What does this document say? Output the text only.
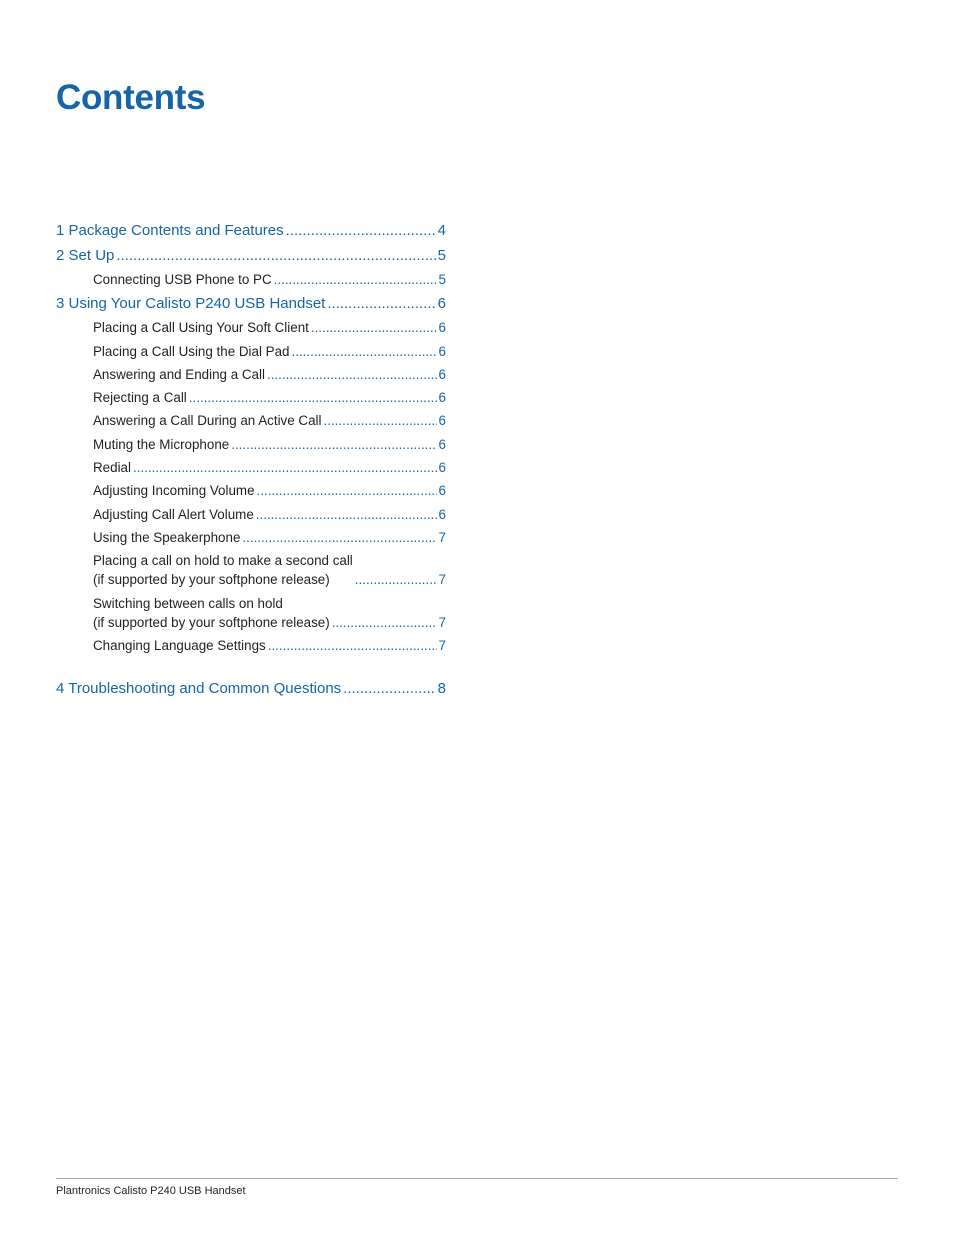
Contents
1 Package Contents and Features .....	4
2 Set Up .....	5
Connecting USB Phone to PC .....	5
3 Using Your Calisto P240 USB Handset .....	6
Placing a Call Using Your Soft Client .....	6
Placing a Call Using the Dial Pad .....	6
Answering and Ending a Call .....	6
Rejecting a Call .....	6
Answering a Call During an Active Call .....	6
Muting the Microphone .....	6
Redial .....	6
Adjusting Incoming Volume .....	6
Adjusting Call Alert Volume .....	6
Using the Speakerphone .....	7
Placing a call on hold to make a second call
(if supported by your softphone release) .....	7
Switching between calls on hold
(if supported by your softphone release) .....	7
Changing Language Settings .....	7
4 Troubleshooting and Common Questions .....	8
Plantronics Calisto P240 USB Handset
